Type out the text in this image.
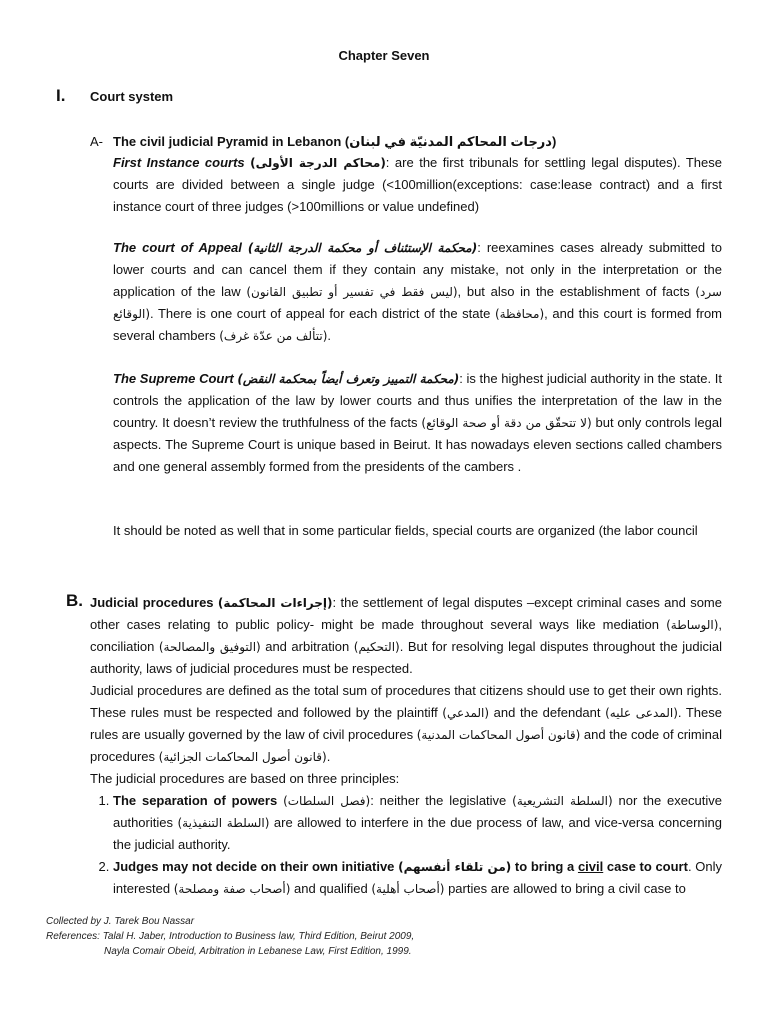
Chapter Seven
I. Court system
A- The civil judicial Pyramid in Lebanon (درجات المحاكم المدنيّة في لبنان)
First Instance courts (محاكم الدرجة الأولى): are the first tribunals for settling legal disputes). These courts are divided between a single judge (<100million(exceptions: case:lease contract) and a first instance court of three judges (>100millions or value undefined)
The court of Appeal (محكمة الإستئناف أو محكمة الدرجة الثانية): reexamines cases already submitted to lower courts and can cancel them if they contain any mistake, not only in the interpretation or the application of the law (ليس فقط في تفسير أو تطبيق القانون), but also in the establishment of facts (سرد الوقائع). There is one court of appeal for each district of the state (محافظة), and this court is formed from several chambers (تتألف من عدّة غرف).
The Supreme Court (محكمة التمييز وتعرف أيضاً بمحكمة النقض): is the highest judicial authority in the state. It controls the application of the law by lower courts and thus unifies the interpretation of the law in the country. It doesn’t review the truthfulness of the facts (لا تتحقّق من دقة أو صحة الوقائع) but only controls legal aspects. The Supreme Court is unique based in Beirut. It has nowadays eleven sections called chambers and one general assembly formed from the presidents of the cambers .
It should be noted as well that in some particular fields, special courts are organized (the labor council
B. Judicial procedures (إجراءات المحاكمة): the settlement of legal disputes –except criminal cases and some other cases relating to public policy- might be made throughout several ways like mediation (الوساطة), conciliation (التوفيق والمصالحة) and arbitration (التحكيم). But for resolving legal disputes throughout the judicial authority, laws of judicial procedures must be respected.
Judicial procedures are defined as the total sum of procedures that citizens should use to get their own rights. These rules must be respected and followed by the plaintiff (المدعي) and the defendant (المدعى عليه). These rules are usually governed by the law of civil procedures (قانون أصول المحاكمات المدنية) and the code of criminal procedures (قانون أصول المحاكمات الجزائية).
The judicial procedures are based on three principles:
1. The separation of powers (فصل السلطات): neither the legislative (السلطة التشريعية) nor the executive authorities (السلطة التنفيذية) are allowed to interfere in the due process of law, and vice-versa concerning the judicial authority.
2. Judges may not decide on their own initiative (من تلقاء أنفسهم) to bring a civil case to court. Only interested (أصحاب صفة ومصلحة) and qualified (أصحاب أهلية) parties are allowed to bring a civil case to
Collected by J. Tarek Bou Nassar
References: Talal H. Jaber, Introduction to Business law, Third Edition, Beirut 2009,
Nayla Comair Obeid, Arbitration in Lebanese Law, First Edition, 1999.
